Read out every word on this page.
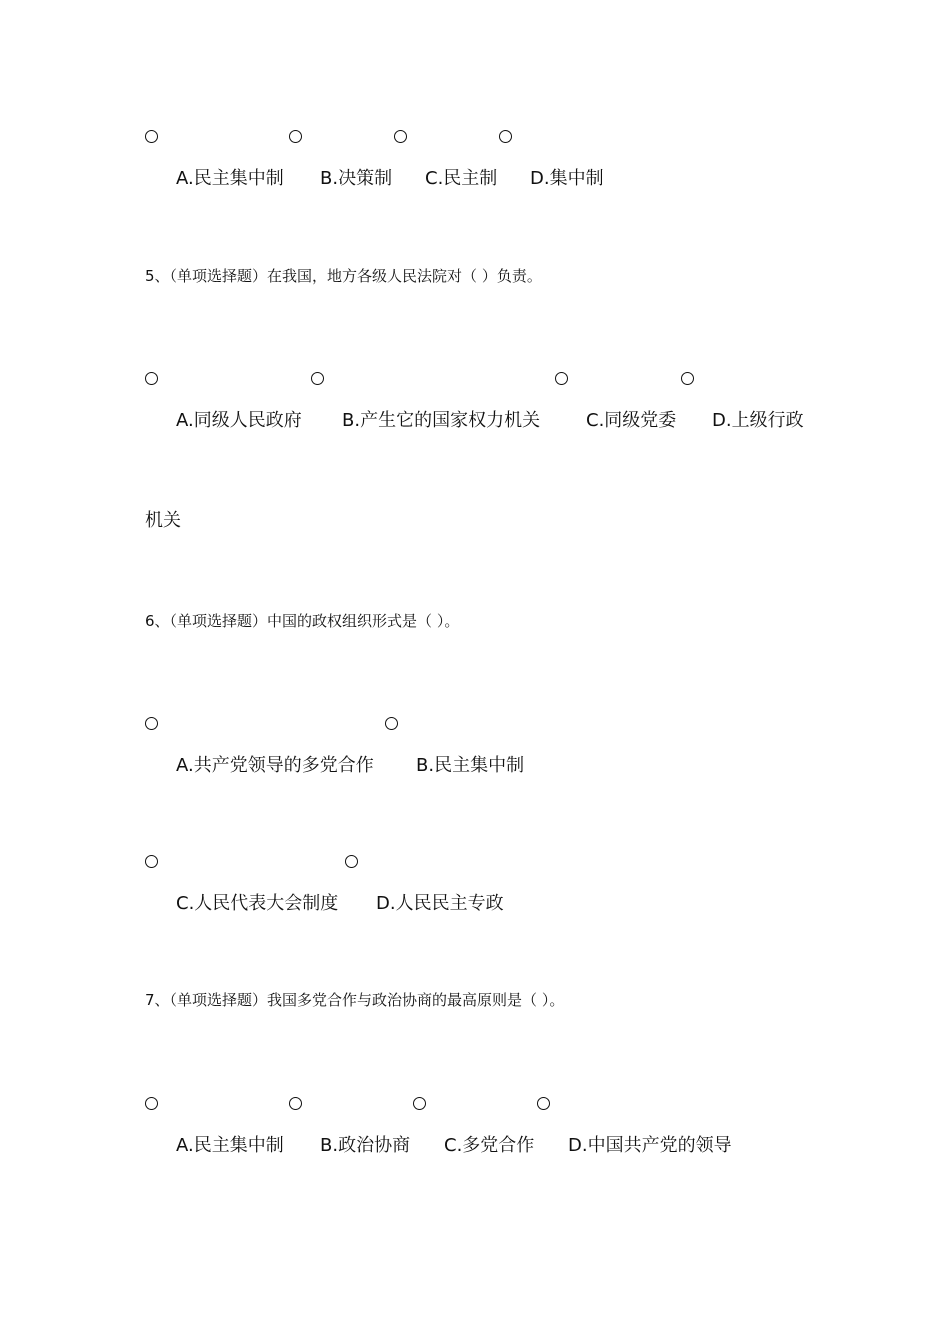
A.民主集中制 B.决策制 C.民主制 D.集中制
5、（单项选择题）在我国，地方各级人民法院对（ ）负责。
A.同级人民政府 B.产生它的国家权力机关	C.同级党委 D.上级行政
机关
6、（单项选择题）中国的政权组织形式是（ ）。
A.共产党领导的多党合作 B.民主集中制
C.人民代表大会制度 D.人民民主专政
7、（单项选择题）我国多党合作与政治协商的最高原则是（ ）。
A.民主集中制 B.政治协商 C.多党合作 D.中国共产党的领导
